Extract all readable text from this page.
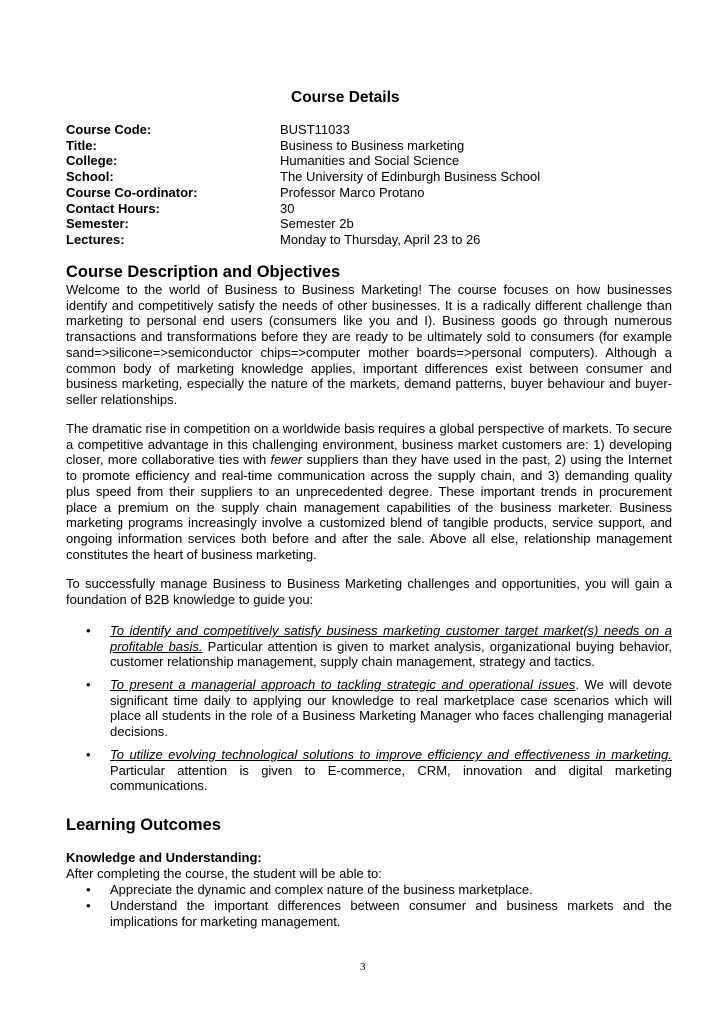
Course Details
Course Code:	BUST11033
Title:	Business to Business marketing
College:	Humanities and Social Science
School:	The University of Edinburgh Business School
Course Co-ordinator:	Professor Marco Protano
Contact Hours:	30
Semester:	Semester 2b
Lectures:	Monday to Thursday, April 23 to 26
Course Description and Objectives

Welcome to the world of Business to Business Marketing! The course focuses on how businesses identify and competitively satisfy the needs of other businesses. It is a radically different challenge than marketing to personal end users (consumers like you and I). Business goods go through numerous transactions and transformations before they are ready to be ultimately sold to consumers (for example sand=>silicone=>semiconductor chips=>computer mother boards=>personal computers). Although a common body of marketing knowledge applies, important differences exist between consumer and business marketing, especially the nature of the markets, demand patterns, buyer behaviour and buyer-seller relationships.

The dramatic rise in competition on a worldwide basis requires a global perspective of markets. To secure a competitive advantage in this challenging environment, business market customers are: 1) developing closer, more collaborative ties with fewer suppliers than they have used in the past, 2) using the Internet to promote efficiency and real-time communication across the supply chain, and 3) demanding quality plus speed from their suppliers to an unprecedented degree. These important trends in procurement place a premium on the supply chain management capabilities of the business marketer. Business marketing programs increasingly involve a customized blend of tangible products, service support, and ongoing information services both before and after the sale. Above all else, relationship management constitutes the heart of business marketing.

To successfully manage Business to Business Marketing challenges and opportunities, you will gain a foundation of B2B knowledge to guide you:

• To identify and competitively satisfy business marketing customer target market(s) needs on a profitable basis. Particular attention is given to market analysis, organizational buying behavior, customer relationship management, supply chain management, strategy and tactics.

• To present a managerial approach to tackling strategic and operational issues. We will devote significant time daily to applying our knowledge to real marketplace case scenarios which will place all students in the role of a Business Marketing Manager who faces challenging managerial decisions.

• To utilize evolving technological solutions to improve efficiency and effectiveness in marketing. Particular attention is given to E-commerce, CRM, innovation and digital marketing communications.

Learning Outcomes
Knowledge and Understanding:
After completing the course, the student will be able to:

• Appreciate the dynamic and complex nature of the business marketplace.

• Understand the important differences between consumer and business markets and the implications for marketing management.

3
